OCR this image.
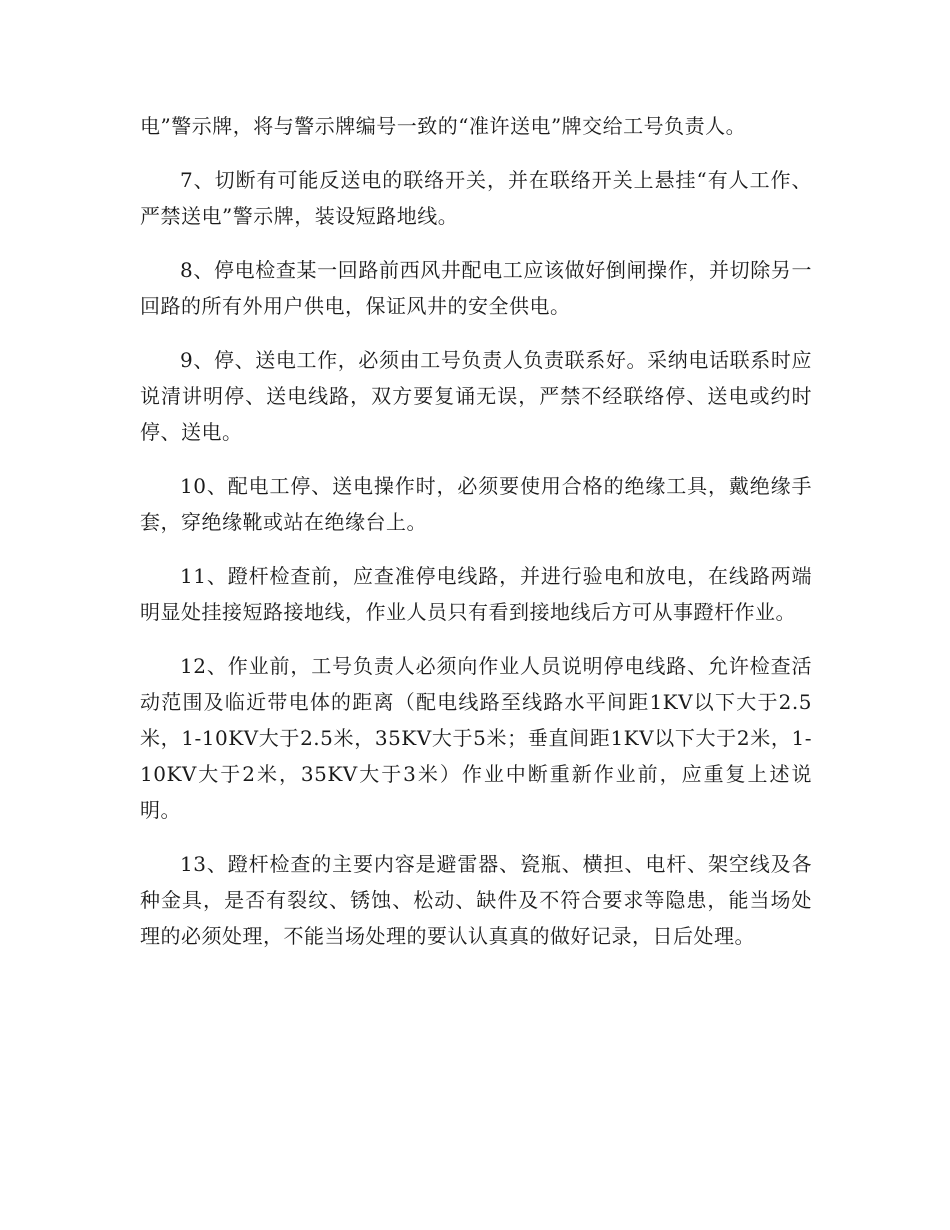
电”警示牌，将与警示牌编号一致的“准许送电”牌交给工号负责人。

7、切断有可能反送电的联络开关，并在联络开关上悬挂“有人工作、严禁送电”警示牌，装设短路地线。

8、停电检查某一回路前西风井配电工应该做好倒闸操作，并切除另一回路的所有外用户供电，保证风井的安全供电。

9、停、送电工作，必须由工号负责人负责联系好。采纳电话联系时应说清讲明停、送电线路，双方要复诵无误，严禁不经联络停、送电或约时停、送电。

10、配电工停、送电操作时，必须要使用合格的绝缘工具，戴绝缘手套，穿绝缘靴或站在绝缘台上。

11、蹬杆检查前，应查准停电线路，并进行验电和放电，在线路两端明显处挂接短路接地线，作业人员只有看到接地线后方可从事蹬杆作业。

12、作业前，工号负责人必须向作业人员说明停电线路、允许检查活动范围及临近带电体的距离（配电线路至线路水平间距1KV以下大于2.5米，1-10KV大于2.5米，35KV大于5米；垂直间距1KV以下大于2米，1-10KV大于2米，35KV大于3米）作业中断重新作业前，应重复上述说明。

13、蹬杆检查的主要内容是避雷器、瓷瓶、横担、电杆、架空线及各种金具，是否有裂纹、锈蚀、松动、缺件及不符合要求等隐患，能当场处理的必须处理，不能当场处理的要认认真真的做好记录，日后处理。
